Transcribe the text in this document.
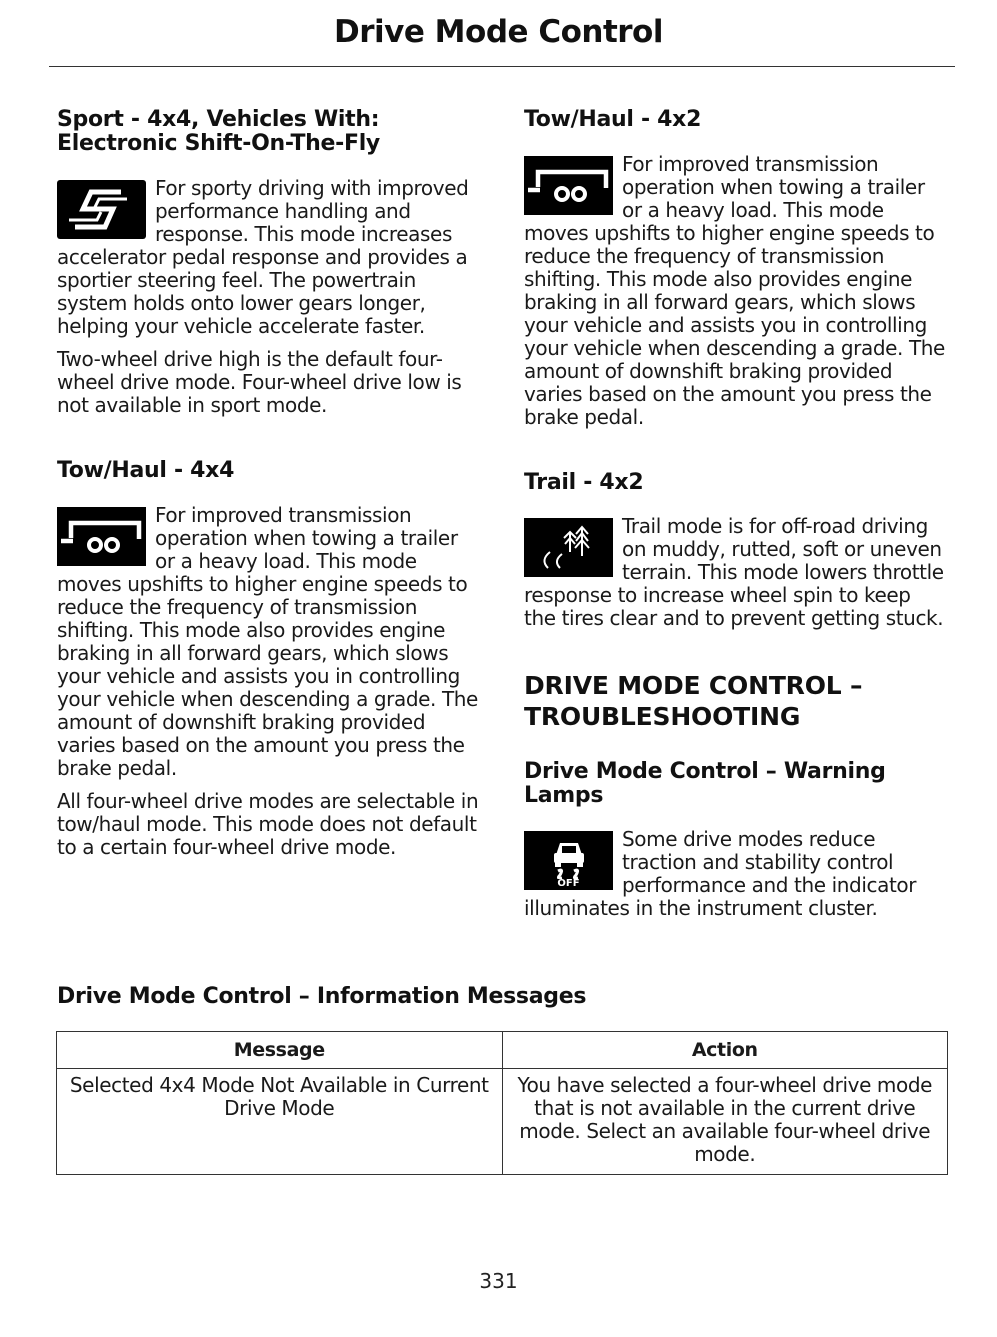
Drive Mode Control
Sport - 4x4, Vehicles With:
Electronic Shift-On-The-Fly

For sporty driving with improved performance handling and response. This mode increases accelerator pedal response and provides a sportier steering feel. The powertrain system holds onto lower gears longer, helping your vehicle accelerate faster.

Two-wheel drive high is the default four-wheel drive mode. Four-wheel drive low is not available in sport mode.

Tow/Haul - 4x4

For improved transmission operation when towing a trailer or a heavy load. This mode moves upshifts to higher engine speeds to reduce the frequency of transmission shifting. This mode also provides engine braking in all forward gears, which slows your vehicle and assists you in controlling your vehicle when descending a grade. The amount of downshift braking provided varies based on the amount you press the brake pedal.

All four-wheel drive modes are selectable in tow/haul mode. This mode does not default to a certain four-wheel drive mode.

Tow/Haul - 4x2

For improved transmission operation when towing a trailer or a heavy load. This mode moves upshifts to higher engine speeds to reduce the frequency of transmission shifting. This mode also provides engine braking in all forward gears, which slows your vehicle and assists you in controlling your vehicle when descending a grade. The amount of downshift braking provided varies based on the amount you press the brake pedal.

Trail - 4x2

Trail mode is for off-road driving on muddy, rutted, soft or uneven terrain. This mode lowers throttle response to increase wheel spin to keep the tires clear and to prevent getting stuck.

DRIVE MODE CONTROL –
TROUBLESHOOTING
Drive Mode Control – Warning
Lamps
OFF

Some drive modes reduce traction and stability control performance and the indicator illuminates in the instrument cluster.

Drive Mode Control – Information Messages
Message	Action
Selected 4x4 Mode Not Available in Current Drive Mode	You have selected a four-wheel drive mode that is not available in the current drive mode. Select an available four-wheel drive mode.
331
